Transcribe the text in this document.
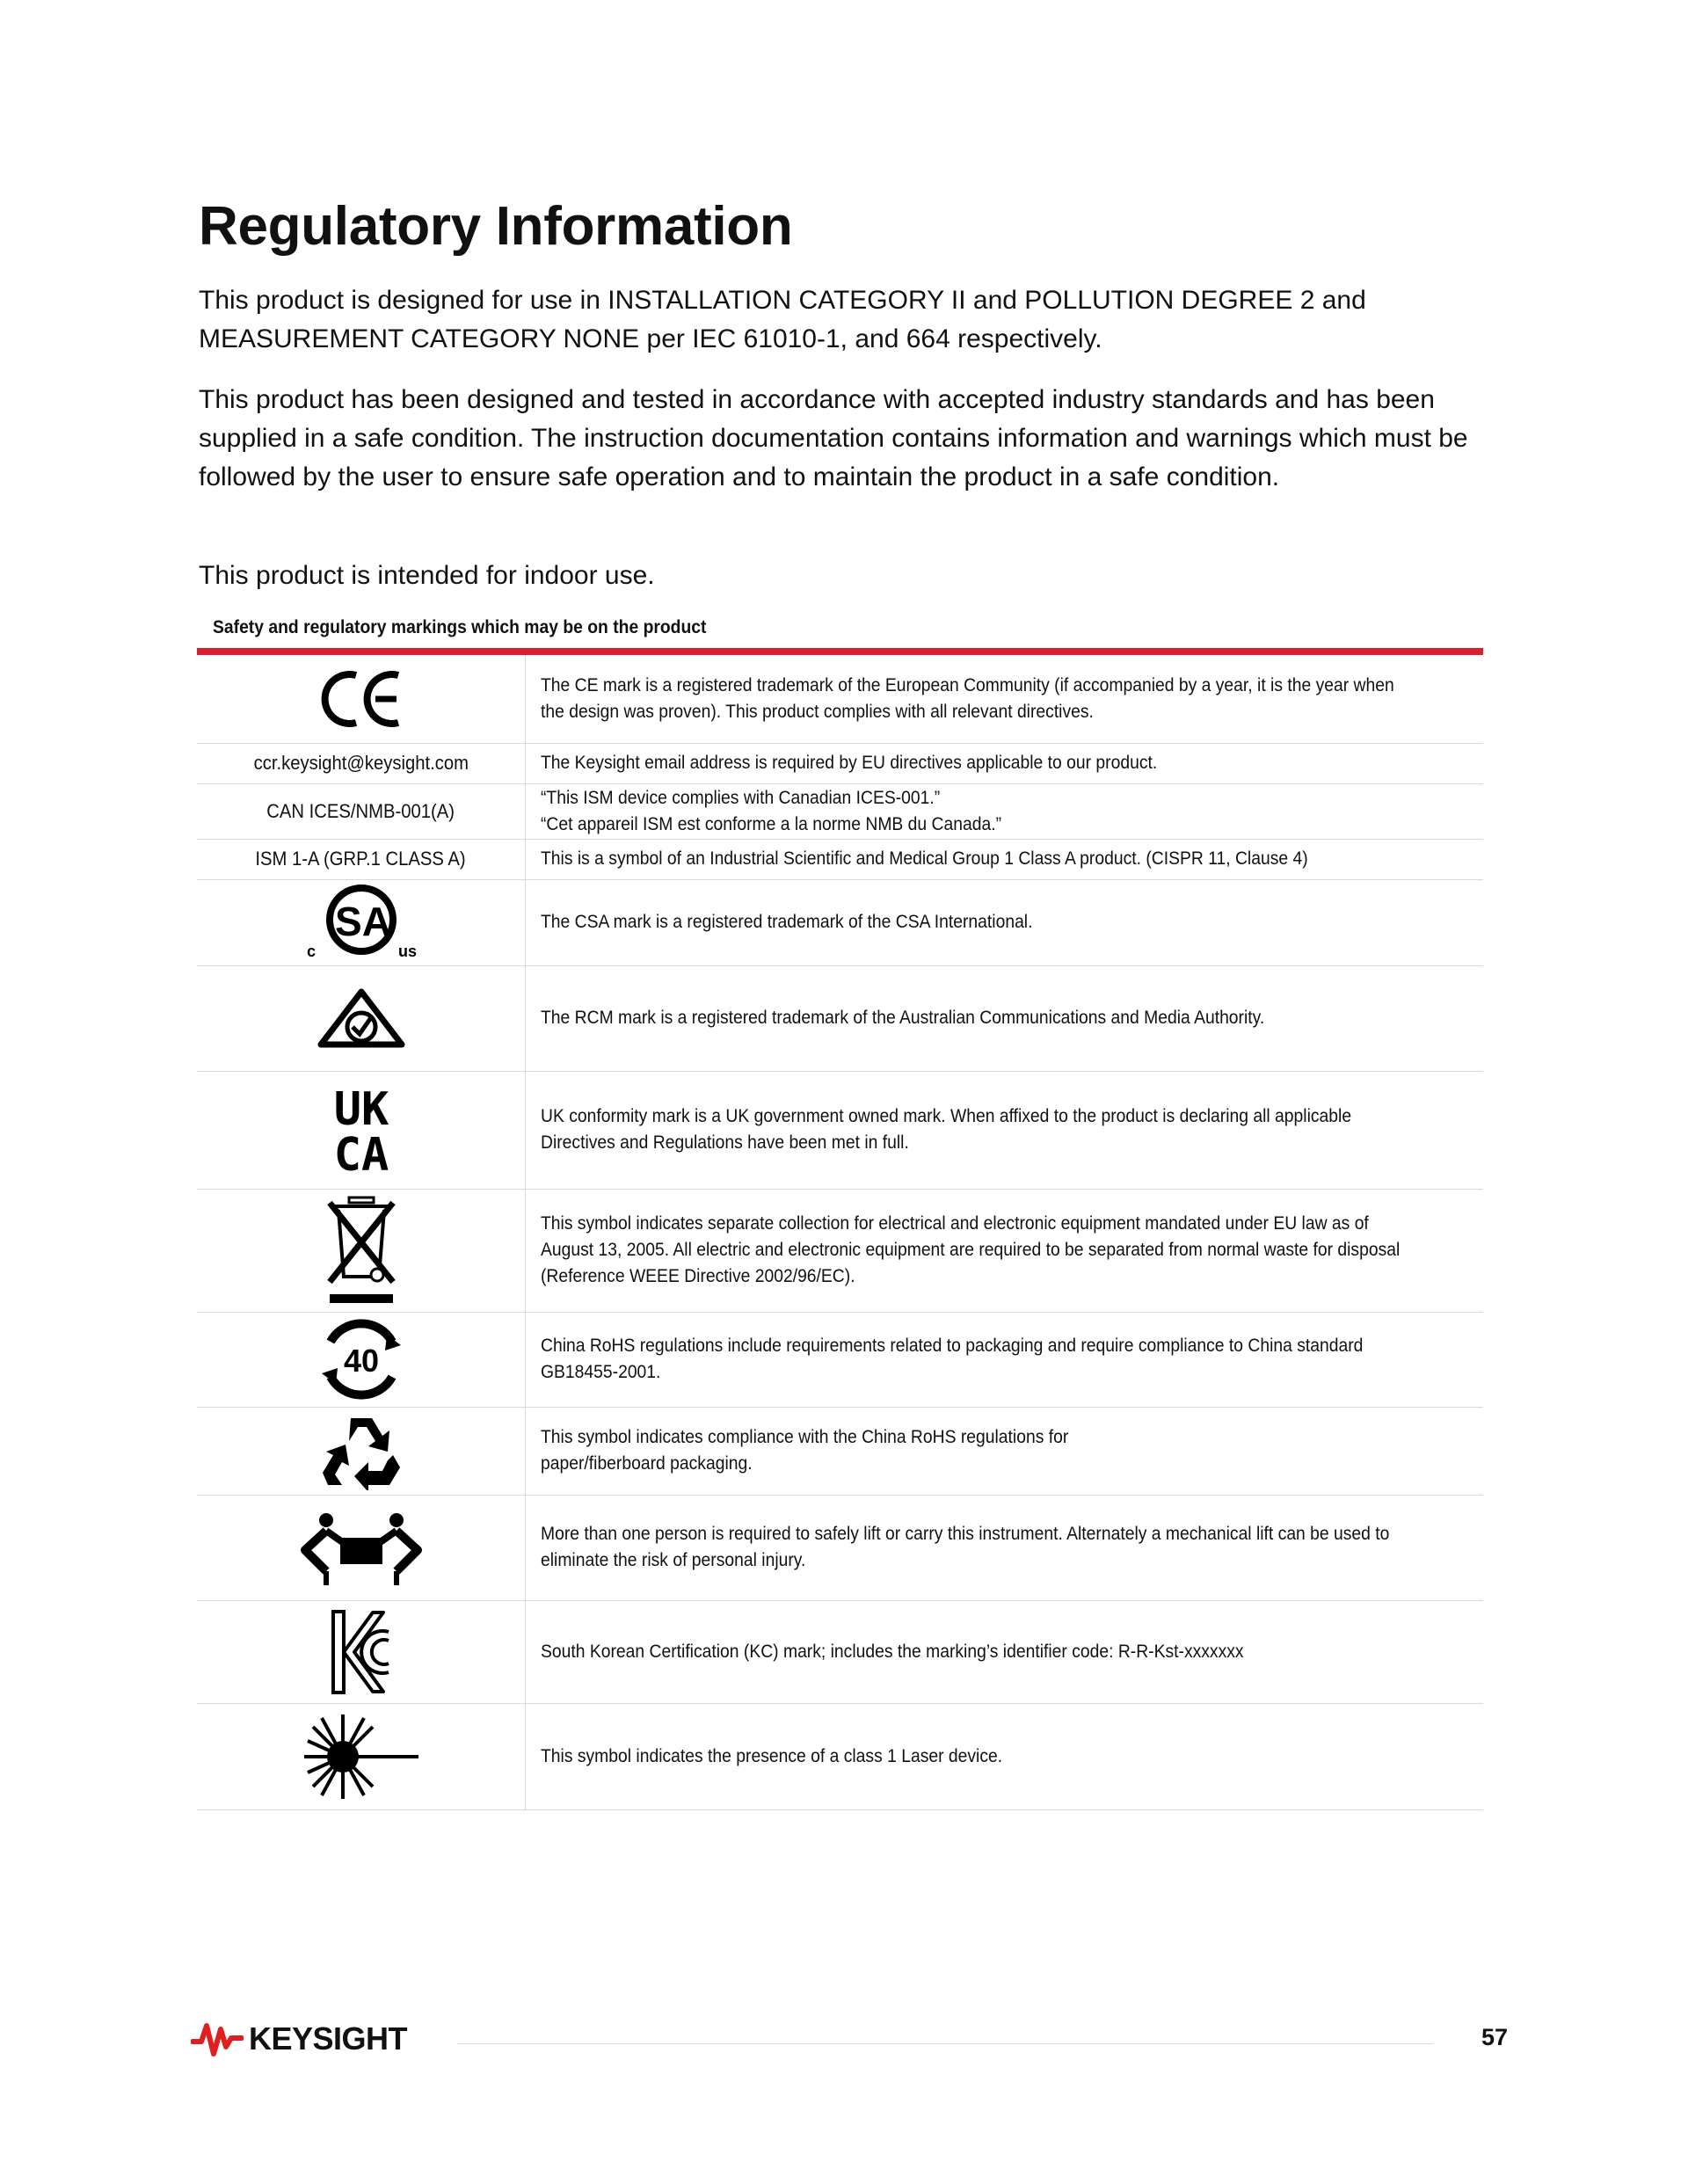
Regulatory Information

This product is designed for use in INSTALLATION CATEGORY II and POLLUTION DEGREE 2 and MEASUREMENT CATEGORY NONE per IEC 61010-1, and 664 respectively.

This product has been designed and tested in accordance with accepted industry standards and has been supplied in a safe condition. The instruction documentation contains information and warnings which must be followed by the user to ensure safe operation and to maintain the product in a safe condition.

This product is intended for indoor use.

Safety and regulatory markings which may be on the product
	The CE mark is a registered trademark of the European Community (if accompanied by a year, it is the year when
the design was proven). This product complies with all relevant directives.
ccr.keysight@keysight.com	The Keysight email address is required by EU directives applicable to our product.
CAN ICES/NMB-001(A)	“This ISM device complies with Canadian ICES-001.”
“Cet appareil ISM est conforme a la norme NMB du Canada.”
ISM 1-A (GRP.1 CLASS A)	This is a symbol of an Industrial Scientific and Medical Group 1 Class A product. (CISPR 11, Clause 4)

SA
c us	The CSA mark is a registered trademark of the CSA International.

	The RCM mark is a registered trademark of the Australian Communications and Media Authority.

UK
CA	UK conformity mark is a UK government owned mark. When affixed to the product is declaring all applicable
Directives and Regulations have been met in full.

	This symbol indicates separate collection for electrical and electronic equipment mandated under EU law as of
August 13, 2005. All electric and electronic equipment are required to be separated from normal waste for disposal
(Reference WEEE Directive 2002/96/EC).

40	China RoHS regulations include requirements related to packaging and require compliance to China standard
GB18455-2001.

	This symbol indicates compliance with the China RoHS regulations for
paper/fiberboard packaging.

	More than one person is required to safely lift or carry this instrument. Alternately a mechanical lift can be used to
eliminate the risk of personal injury.

	South Korean Certification (KC) mark; includes the marking’s identifier code: R-R-Kst-xxxxxxx

	This symbol indicates the presence of a class 1 Laser device.
KEYSIGHT	57
